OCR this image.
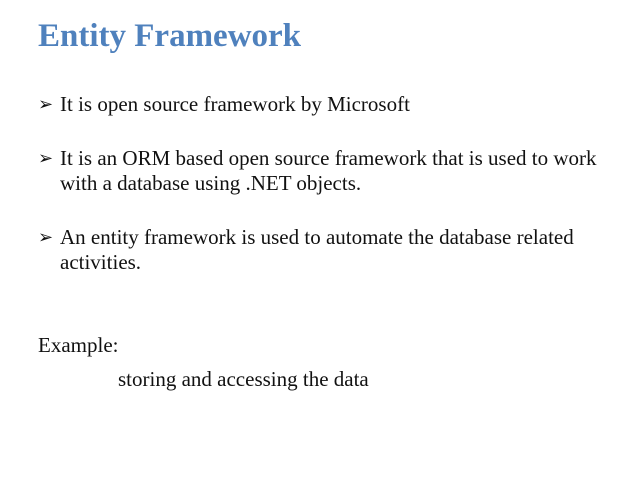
Entity Framework

➢ It is open source framework by Microsoft

➢ It is an ORM based open source framework that is used to work with a database using .NET objects.

➢ An entity framework is used to automate the database related activities.

Example:
storing and accessing the data
